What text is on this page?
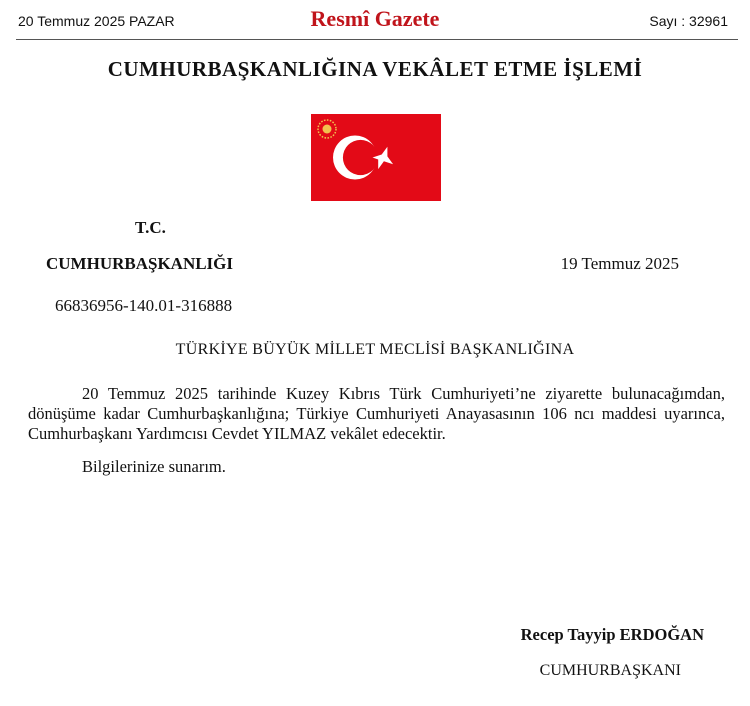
20 Temmuz 2025 PAZAR	Resmî Gazete	Sayı : 32961
CUMHURBAŞKANLIĞINA VEKÂLET ETME İŞLEMİ
T.C.
CUMHURBAŞKANLIĞI	19 Temmuz 2025
66836956-140.01-316888
TÜRKİYE BÜYÜK MİLLET MECLİSİ BAŞKANLIĞINA
20 Temmuz 2025 tarihinde Kuzey Kıbrıs Türk Cumhuriyeti’ne ziyarette bulunacağımdan, dönüşüme kadar Cumhurbaşkanlığına; Türkiye Cumhuriyeti Anayasasının 106 ncı maddesi uyarınca, Cumhurbaşkanı Yardımcısı Cevdet YILMAZ vekâlet edecektir.
Bilgilerinize sunarım.
Recep Tayyip ERDOĞAN
CUMHURBAŞKANI
